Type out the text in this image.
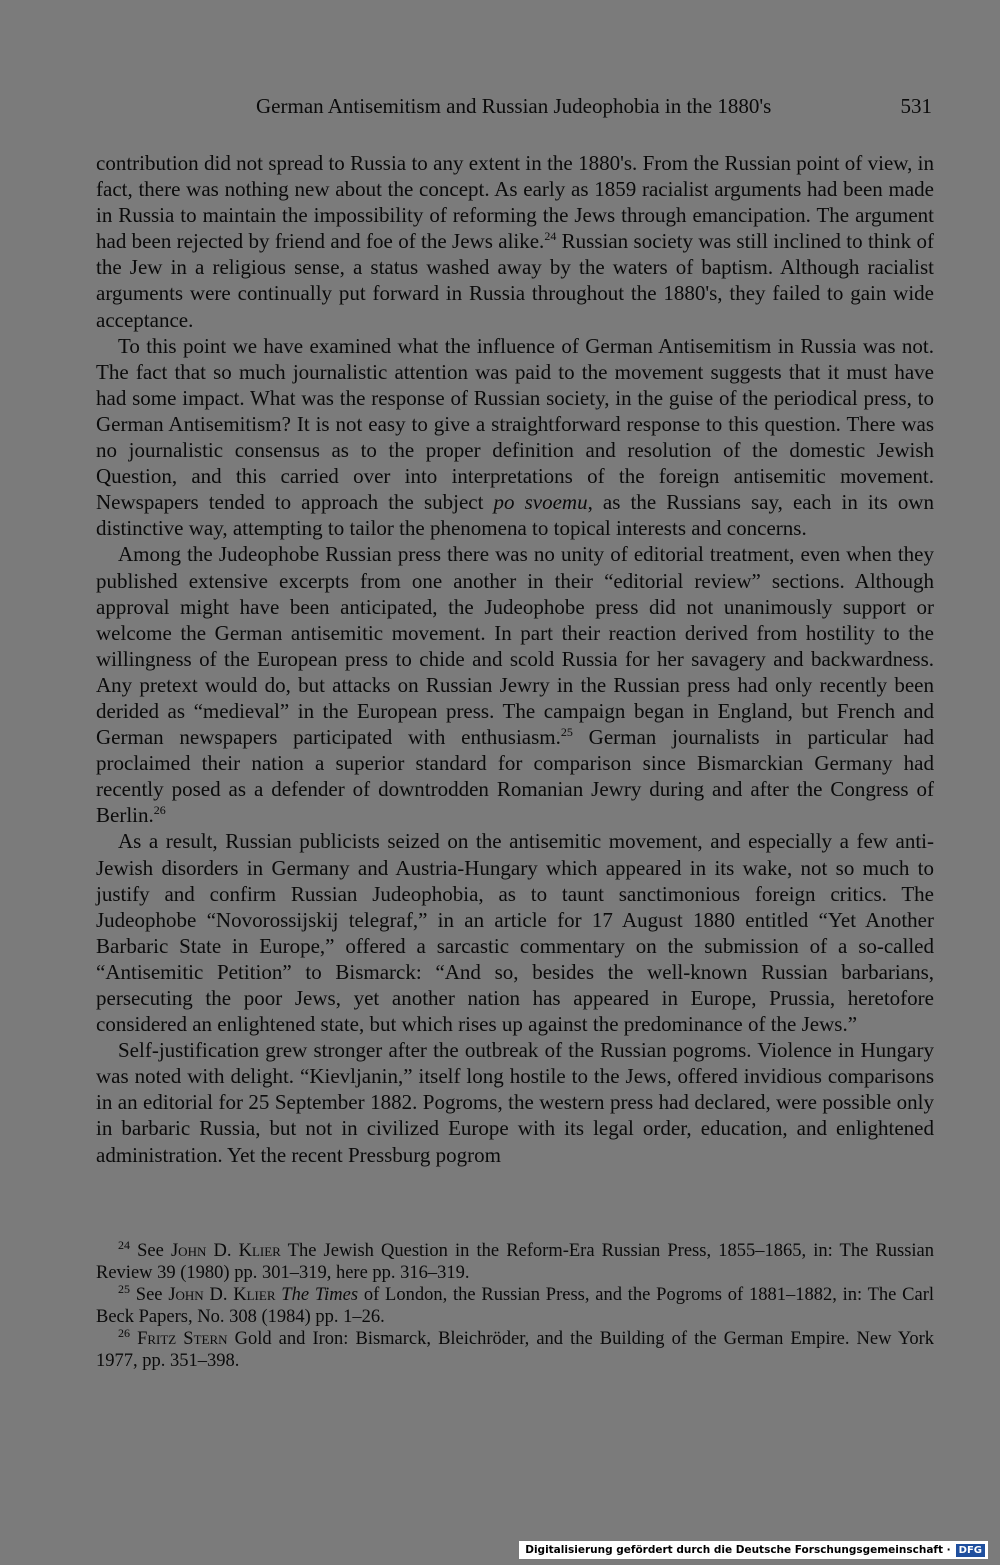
German Antisemitism and Russian Judeophobia in the 1880's	531

contribution did not spread to Russia to any extent in the 1880's. From the Russian point of view, in fact, there was nothing new about the concept. As early as 1859 racialist arguments had been made in Russia to maintain the impossibility of reforming the Jews through emancipation. The argument had been rejected by friend and foe of the Jews alike.$^{24}$ Russian society was still inclined to think of the Jew in a religious sense, a status washed away by the waters of baptism. Although racialist arguments were continually put forward in Russia throughout the 1880's, they failed to gain wide acceptance.

To this point we have examined what the influence of German Antisemitism in Russia was not. The fact that so much journalistic attention was paid to the movement suggests that it must have had some impact. What was the response of Russian society, in the guise of the periodical press, to German Antisemitism? It is not easy to give a straightforward response to this question. There was no journalistic consensus as to the proper definition and resolution of the domestic Jewish Question, and this carried over into interpretations of the foreign antisemitic movement. Newspapers tended to approach the subject po svoemu, as the Russians say, each in its own distinctive way, attempting to tailor the phenomena to topical interests and concerns.

Among the Judeophobe Russian press there was no unity of editorial treatment, even when they published extensive excerpts from one another in their “editorial review” sections. Although approval might have been anticipated, the Judeophobe press did not unanimously support or welcome the German antisemitic movement. In part their reaction derived from hostility to the willingness of the European press to chide and scold Russia for her savagery and backwardness. Any pretext would do, but attacks on Russian Jewry in the Russian press had only recently been derided as “medieval” in the European press. The campaign began in England, but French and German newspapers participated with enthusiasm.$^{25}$ German journalists in particular had proclaimed their nation a superior standard for comparison since Bismarckian Germany had recently posed as a defender of downtrodden Romanian Jewry during and after the Congress of Berlin.$^{26}$

As a result, Russian publicists seized on the antisemitic movement, and especially a few anti-Jewish disorders in Germany and Austria-Hungary which appeared in its wake, not so much to justify and confirm Russian Judeophobia, as to taunt sanctimonious foreign critics. The Judeophobe “Novorossijskij telegraf,” in an article for 17 August 1880 entitled “Yet Another Barbaric State in Europe,” offered a sarcastic commentary on the submission of a so-called “Antisemitic Petition” to Bismarck: “And so, besides the well-known Russian barbarians, persecuting the poor Jews, yet another nation has appeared in Europe, Prussia, heretofore considered an enlightened state, but which rises up against the predominance of the Jews.”

Self-justification grew stronger after the outbreak of the Russian pogroms. Violence in Hungary was noted with delight. “Kievljanin,” itself long hostile to the Jews, offered invidious comparisons in an editorial for 25 September 1882. Pogroms, the western press had declared, were possible only in barbaric Russia, but not in civilized Europe with its legal order, education, and enlightened administration. Yet the recent Pressburg pogrom

$^{24}$ See John D. Klier The Jewish Question in the Reform-Era Russian Press, 1855–1865, in: The Russian Review 39 (1980) pp. 301–319, here pp. 316–319.

$^{25}$ See John D. Klier The Times of London, the Russian Press, and the Pogroms of 1881–1882, in: The Carl Beck Papers, No. 308 (1984) pp. 1–26.

$^{26}$ Fritz Stern Gold and Iron: Bismarck, Bleichröder, and the Building of the German Empire. New York 1977, pp. 351–398.

Digitalisierung gefördert durch die Deutsche Forschungsgemeinschaft · DFG
